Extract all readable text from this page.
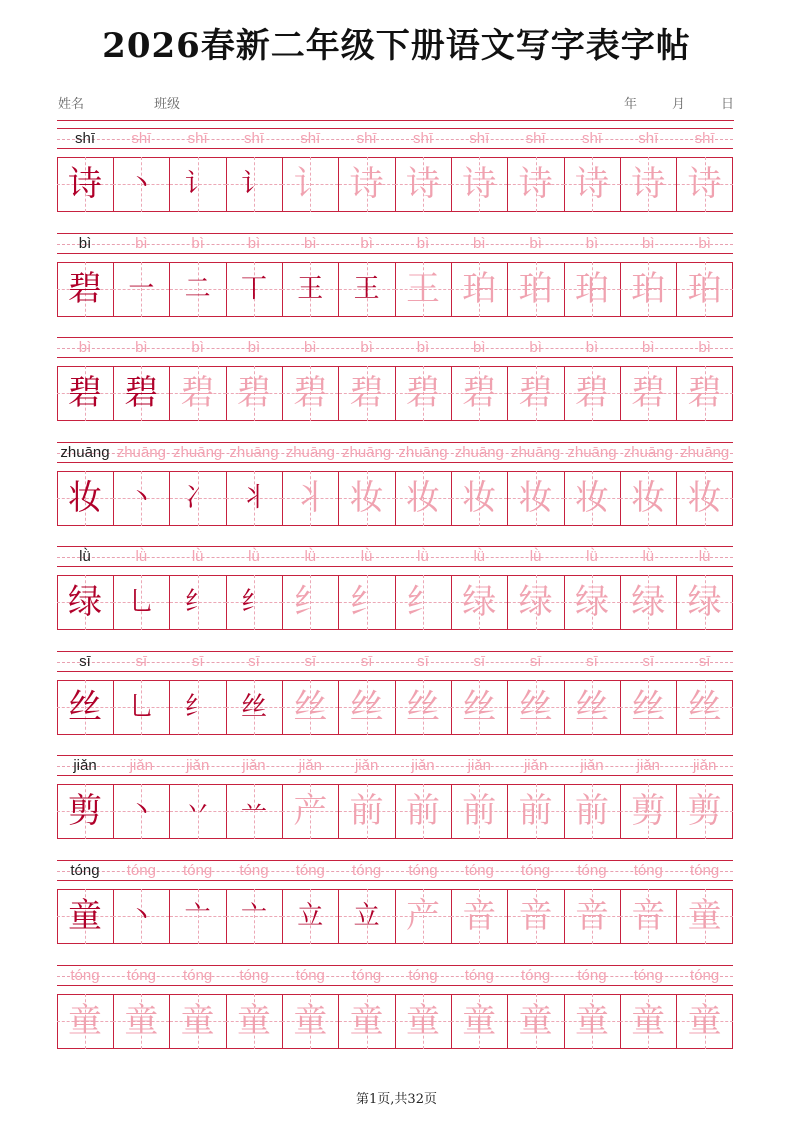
2026春新二年级下册语文写字表字帖
姓名	班级	年	月	日
shī	shī	shī	shī	shī	shī	shī	shī	shī	shī	shī	shī
诗	丶	讠	讠 讠 诗 诗 诗 诗 诗 诗 诗
bì	bì	bì	bì	bì	bì	bì	bì	bì	bì	bì	bì
碧	一	二	丅	王	王 王 珀 珀 珀 珀 珀
bì	bì	bì	bì	bì	bì	bì	bì	bì	bì	bì	bì
碧 碧 碧 碧 碧 碧 碧 碧 碧 碧 碧 碧
zhuāng zhuāng zhuāng zhuāng zhuāng zhuāng zhuāng zhuāng zhuāng zhuāng zhuāng zhuāng
妆	丶	冫	丬 丬 妆 妆 妆 妆 妆 妆 妆
lǜ	lǜ	lǜ	lǜ	lǜ	lǜ	lǜ	lǜ	lǜ	lǜ	lǜ	lǜ
绿	乚	纟	纟 纟 纟 纟 绿 绿 绿 绿 绿
sī	sī	sī	sī	sī	sī	sī	sī	sī	sī	sī	sī
丝	乚	纟	丝 丝 丝 丝 丝 丝 丝 丝 丝
jiǎn	jiǎn	jiǎn	jiǎn	jiǎn	jiǎn	jiǎn	jiǎn	jiǎn	jiǎn	jiǎn	jiǎn
剪	丶	丷	䒑 产 前 前 前 前 前 剪 剪
tóng	tóng	tóng	tóng	tóng	tóng	tóng	tóng	tóng	tóng	tóng	tóng
童	丶	亠	亠	立	立 产 音 音 音 音 童
tóng	tóng	tóng	tóng	tóng	tóng	tóng	tóng	tóng	tóng	tóng	tóng
童 童 童 童 童 童 童 童 童 童 童 童
第1页,共32页
